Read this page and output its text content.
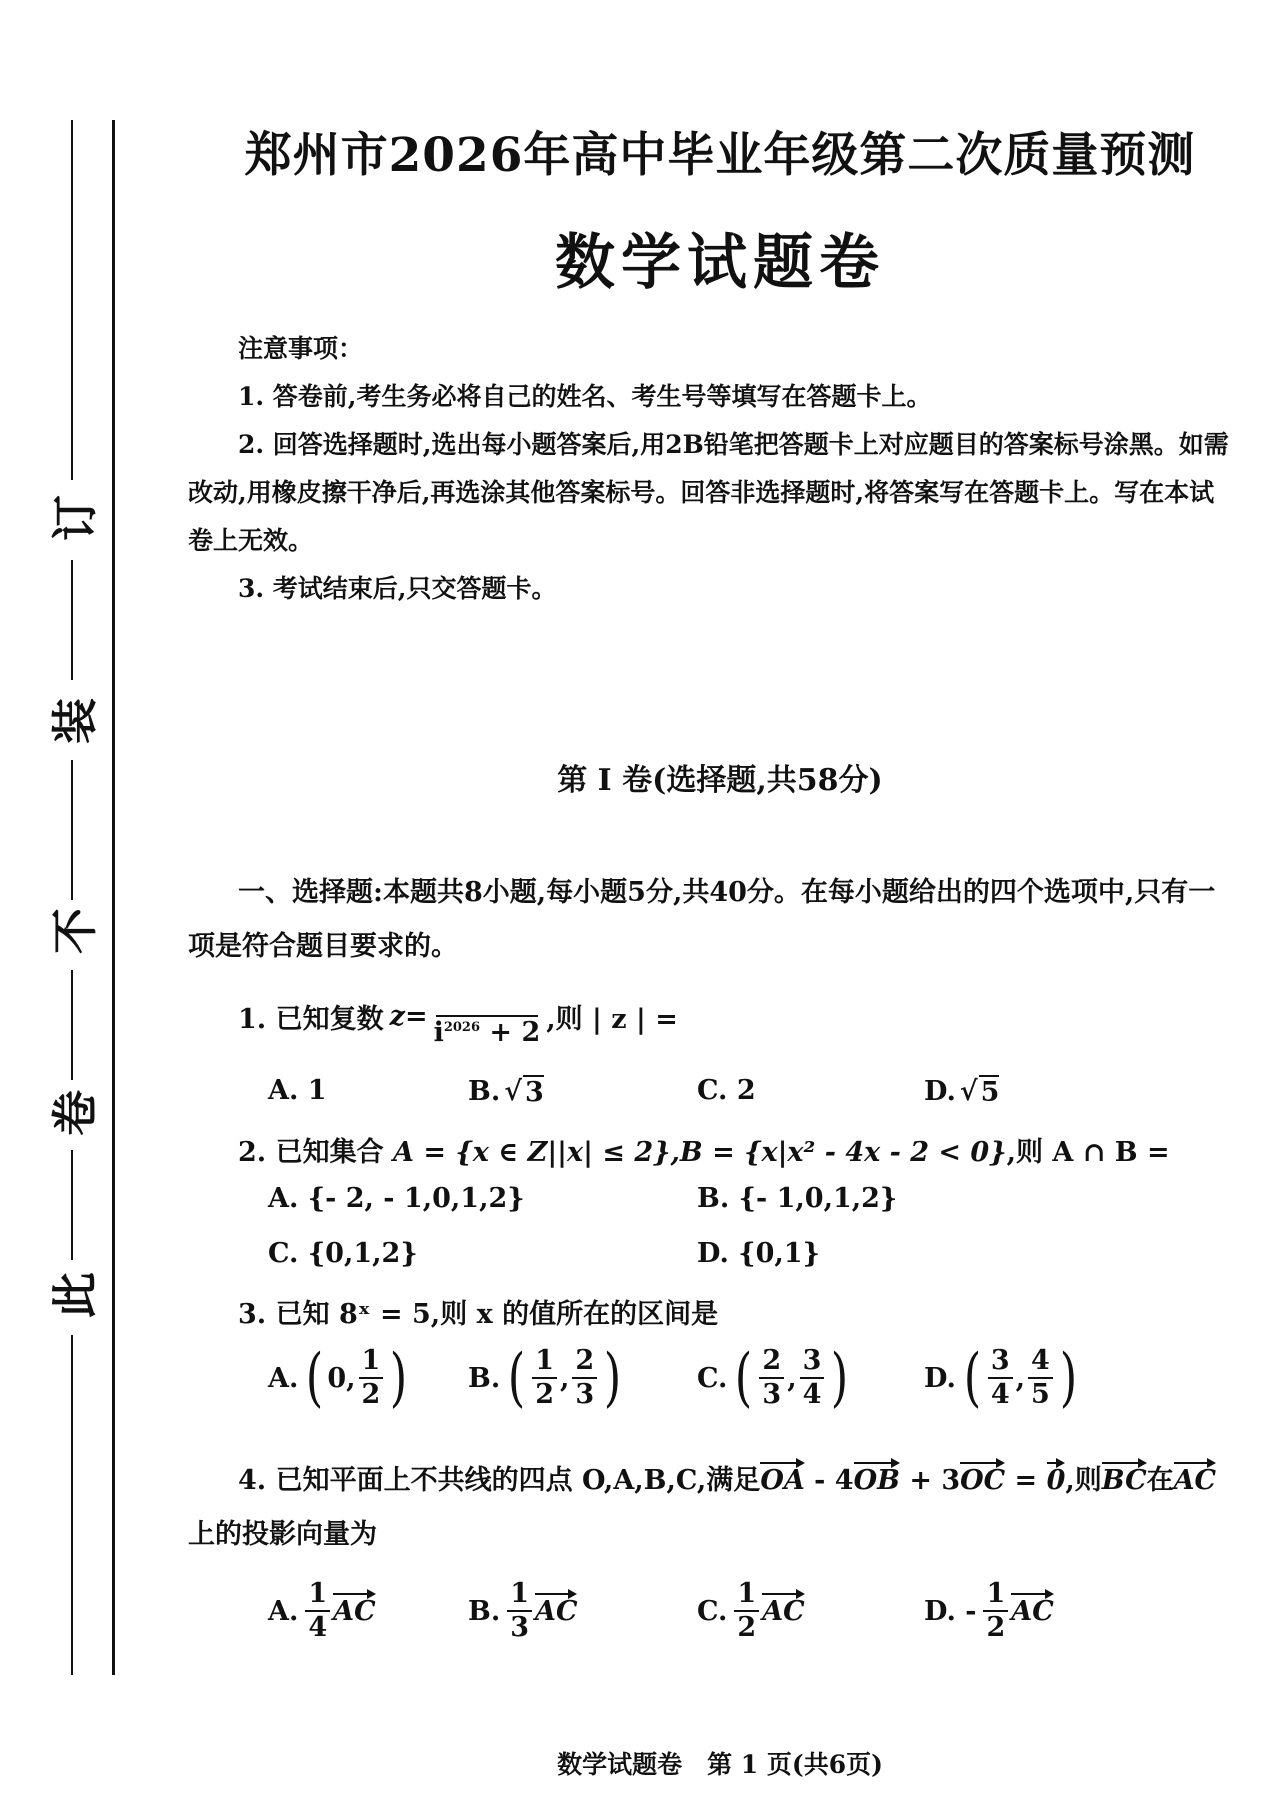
订
装
不
卷
此
郑州市2026年高中毕业年级第二次质量预测
数学试题卷

注意事项：

1. 答卷前,考生务必将自己的姓名、考生号等填写在答题卡上。

2. 回答选择题时,选出每小题答案后,用2B铅笔把答题卡上对应题目的答案标号涂黑。如需改动,用橡皮擦干净后,再选涂其他答案标号。回答非选择题时,将答案写在答题卡上。写在本试卷上无效。

3. 考试结束后,只交答题卡。

第 Ⅰ 卷(选择题,共58分)
一、选择题:本题共8小题,每小题5分,共40分。在每小题给出的四个选项中,只有一项是符合题目要求的。
1. 已知复数 z =

$i^{2026} + 2$ ,则 | z | =
A. 1	B. √ 3	C. 2	D. √ 5
2. 已知集合 A = {x ∈ Z||x| ≤ 2},B = {x|x² - 4x - 2 < 0},则 A ∩ B =
A. {- 2, - 1,0,1,2}	B. {- 1,0,1,2}
C. {0,1,2}	D. {0,1}
3. 已知 8ˣ = 5,则 x 的值所在的区间是
A. ( 0 , $\frac{1}{2}$ ) B. ( $\frac{1}{2}$ , $\frac{2}{3}$ )	C. ( $\frac{2}{3}$ , $\frac{3}{4}$ )	D. ( $\frac{3}{4}$ , $\frac{4}{5}$ )
4. 已知平面上不共线的四点 O,A,B,C,满足OA - 4OB + 3OC = 0,则BC在AC
上的投影向量为
A. $\frac{1}{4}$ AC	B. $\frac{1}{3}$ AC	C. $\frac{1}{2}$ AC	D. - $\frac{1}{2}$ AC
数学试题卷　第 1 页(共6页)
